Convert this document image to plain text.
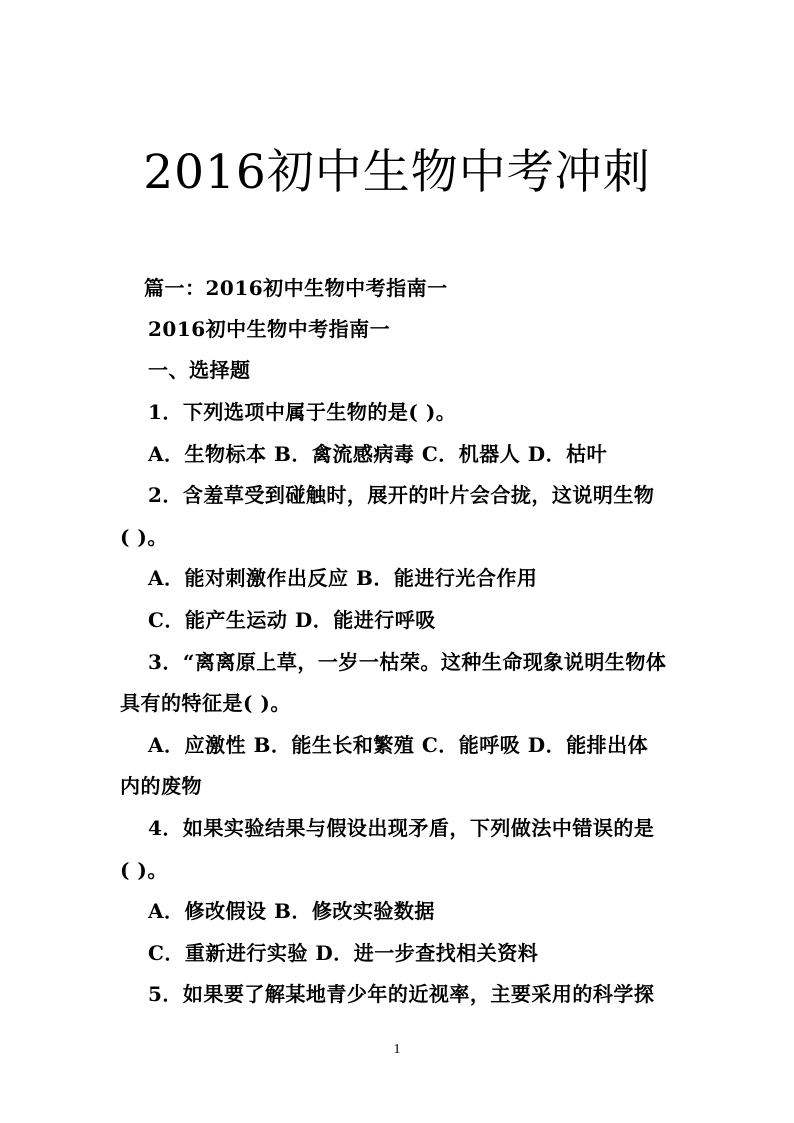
2016初中生物中考冲刺
篇一：2016初中生物中考指南一
2016初中生物中考指南一
一、选择题
1．下列选项中属于生物的是( )。
A．生物标本 B．禽流感病毒 C．机器人 D．枯叶
2．含羞草受到碰触时，展开的叶片会合拢，这说明生物
( )。
A．能对刺激作出反应 B．能进行光合作用
C．能产生运动 D．能进行呼吸
3．“离离原上草，一岁一枯荣。这种生命现象说明生物体
具有的特征是( )。
A．应激性 B．能生长和繁殖 C．能呼吸 D．能排出体
内的废物
4．如果实验结果与假设出现矛盾，下列做法中错误的是
( )。
A．修改假设 B．修改实验数据
C．重新进行实验 D．进一步查找相关资料
5．如果要了解某地青少年的近视率，主要采用的科学探
1
